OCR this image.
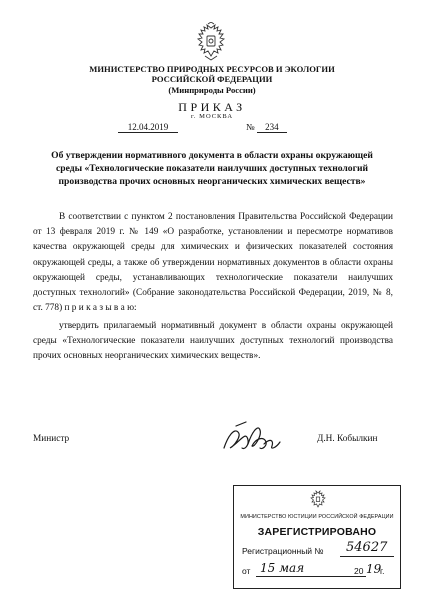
МИНИСТЕРСТВО ПРИРОДНЫХ РЕСУРСОВ И ЭКОЛОГИИ
РОССИЙСКОЙ ФЕДЕРАЦИИ
(Минприроды России)
ПРИКАЗ
г. МОСКВА
12.04.2019	№ 234
Об утверждении нормативного документа в области охраны окружающей
среды «Технологические показатели наилучших доступных технологий
производства прочих основных неорганических химических веществ»
В соответствии с пунктом 2 постановления Правительства Российской Федерации от 13 февраля 2019 г. № 149 «О разработке, установлении и пересмотре нормативов качества окружающей среды для химических и физических показателей состояния окружающей среды, а также об утверждении нормативных документов в области охраны окружающей среды, устанавливающих технологические показатели наилучших доступных технологий» (Собрание законодательства Российской Федерации, 2019, № 8, ст. 778) п р и к а з ы в а ю:
утвердить прилагаемый нормативный документ в области охраны окружающей среды «Технологические показатели наилучших доступных технологий производства прочих основных неорганических химических веществ».
Министр	Д.Н. Кобылкин
МИНИСТЕРСТВО ЮСТИЦИИ РОССИЙСКОЙ ФЕДЕРАЦИИ
ЗАРЕГИСТРИРОВАНО
Регистрационный № 54627
от 15 мая	20 19
г.
